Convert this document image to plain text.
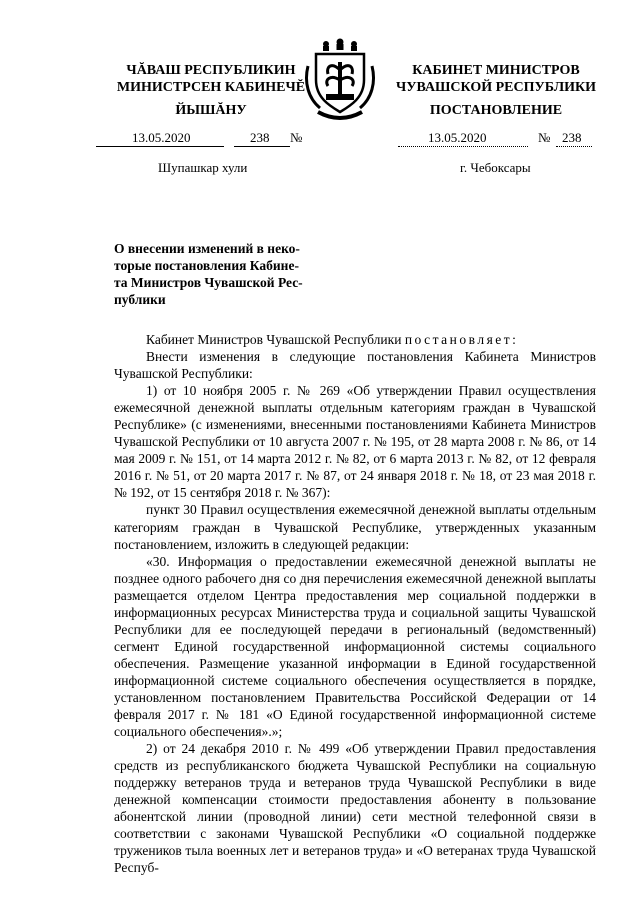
ЧĂВАШ РЕСПУБЛИКИН
МИНИСТРСЕН КАБИНЕЧĔ
ЙЫШĂНУ
13.05.2020	238 №
Шупашкар хули
КАБИНЕТ МИНИСТРОВ
ЧУВАШСКОЙ РЕСПУБЛИКИ
ПОСТАНОВЛЕНИЕ
13.05.2020	№ 238
г. Чебоксары
О внесении изменений в неко-
торые постановления Кабине-
та Министров Чувашской Рес-
публики

Кабинет Министров Чувашской Республики постановляет:

Внести изменения в следующие постановления Кабинета Министров Чувашской Республики:

1) от 10 ноября 2005 г. № 269 «Об утверждении Правил осуществления ежемесячной денежной выплаты отдельным категориям граждан в Чувашской Республике» (с изменениями, внесенными постановлениями Кабинета Министров Чувашской Республики от 10 августа 2007 г. № 195, от 28 марта 2008 г. № 86, от 14 мая 2009 г. № 151, от 14 марта 2012 г. № 82, от 6 марта 2013 г. № 82, от 12 февраля 2016 г. № 51, от 20 марта 2017 г. № 87, от 24 января 2018 г. № 18, от 23 мая 2018 г. № 192, от 15 сентября 2018 г. № 367):

пункт 30 Правил осуществления ежемесячной денежной выплаты отдельным категориям граждан в Чувашской Республике, утвержденных указанным постановлением, изложить в следующей редакции:

«30. Информация о предоставлении ежемесячной денежной выплаты не позднее одного рабочего дня со дня перечисления ежемесячной денежной выплаты размещается отделом Центра предоставления мер социальной поддержки в информационных ресурсах Министерства труда и социальной защиты Чувашской Республики для ее последующей передачи в региональный (ведомственный) сегмент Единой государственной информационной системы социального обеспечения. Размещение указанной информации в Единой государственной информационной системе социального обеспечения осуществляется в порядке, установленном постановлением Правительства Российской Федерации от 14 февраля 2017 г. № 181 «О Единой государственной информационной системе социального обеспечения».»;

2) от 24 декабря 2010 г. № 499 «Об утверждении Правил предоставления средств из республиканского бюджета Чувашской Республики на социальную поддержку ветеранов труда и ветеранов труда Чувашской Республики в виде денежной компенсации стоимости предоставления абоненту в пользование абонентской линии (проводной линии) сети местной телефонной связи в соответствии с законами Чувашской Республики «О социальной поддержке тружеников тыла военных лет и ветеранов труда» и «О ветеранах труда Чувашской Респуб-
